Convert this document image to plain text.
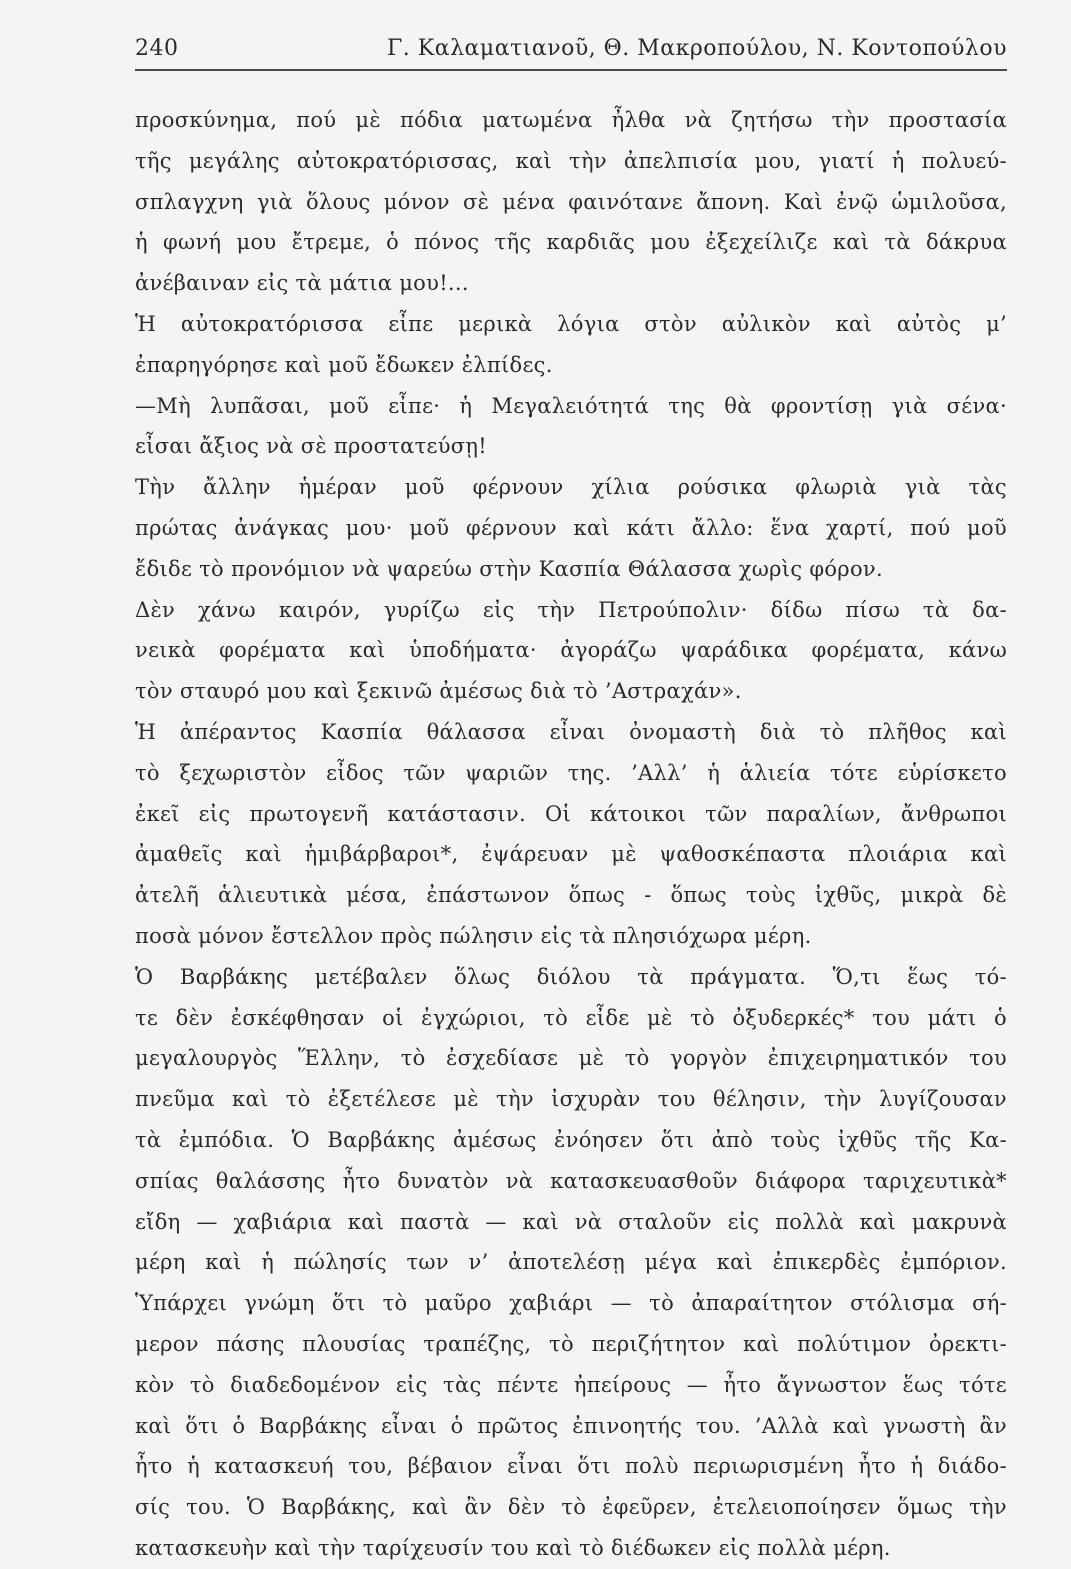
240	Γ. Καλαματιανοῦ, Θ. Μακροπούλου, Ν. Κοντοπούλου
προσκύνημα, πού μὲ πόδια ματωμένα ἦλθα νὰ ζητήσω τὴν προστασία
τῆς μεγάλης αὐτοκρατόρισσας, καὶ τὴν ἀπελπισία μου, γιατί ἡ πολυεύ-
σπλαγχνη γιὰ ὅλους μόνον σὲ μένα φαινότανε ἄπονη. Καὶ ἐνῷ ὡμιλοῦσα,
ἡ φωνή μου ἔτρεμε, ὁ πόνος τῆς καρδιᾶς μου ἐξεχείλιζε καὶ τὰ δάκρυα
ἀνέβαιναν εἰς τὰ μάτια μου!...
Ἡ αὐτοκρατόρισσα εἶπε μερικὰ λόγια στὸν αὐλικὸν καὶ αὐτὸς μ’
ἐπαρηγόρησε καὶ μοῦ ἔδωκεν ἐλπίδες.
—Μὴ λυπᾶσαι, μοῦ εἶπε· ἡ Μεγαλειότητά της θὰ φροντίσῃ γιὰ σένα·
εἶσαι ἄξιος νὰ σὲ προστατεύσῃ!
Τὴν ἄλλην ἡμέραν μοῦ φέρνουν χίλια ρούσικα φλωριὰ γιὰ τὰς
πρώτας ἀνάγκας μου· μοῦ φέρνουν καὶ κάτι ἄλλο: ἕνα χαρτί, πού μοῦ
ἔδιδε τὸ προνόμιον νὰ ψαρεύω στὴν Κασπία Θάλασσα χωρὶς φόρον.
Δὲν χάνω καιρόν, γυρίζω εἰς τὴν Πετρούπολιν· δίδω πίσω τὰ δα-
νεικὰ φορέματα καὶ ὑποδήματα· ἀγοράζω ψαράδικα φορέματα, κάνω
τὸν σταυρό μου καὶ ξεκινῶ ἀμέσως διὰ τὸ ’Αστραχάν».
Ἡ ἀπέραντος Κασπία θάλασσα εἶναι ὀνομαστὴ διὰ τὸ πλῆθος καὶ
τὸ ξεχωριστὸν εἶδος τῶν ψαριῶν της. ’Αλλ’ ἡ ἁλιεία τότε εὑρίσκετο
ἐκεῖ εἰς πρωτογενῆ κατάστασιν. Οἱ κάτοικοι τῶν παραλίων, ἄνθρωποι
ἀμαθεῖς καὶ ἡμιβάρβαροι*, ἐψάρευαν μὲ ψαθοσκέπαστα πλοιάρια καὶ
ἀτελῆ ἁλιευτικὰ μέσα, ἐπάστωνον ὅπως - ὅπως τοὺς ἰχθῦς, μικρὰ δὲ
ποσὰ μόνον ἔστελλον πρὸς πώλησιν εἰς τὰ πλησιόχωρα μέρη.
Ὁ Βαρβάκης μετέβαλεν ὅλως διόλου τὰ πράγματα. Ὅ,τι ἕως τό-
τε δὲν ἐσκέφθησαν οἱ ἐγχώριοι, τὸ εἶδε μὲ τὸ ὀξυδερκές* του μάτι ὁ
μεγαλουργὸς Ἕλλην, τὸ ἐσχεδίασε μὲ τὸ γοργὸν ἐπιχειρηματικόν του
πνεῦμα καὶ τὸ ἐξετέλεσε μὲ τὴν ἰσχυρὰν του θέλησιν, τὴν λυγίζουσαν
τὰ ἐμπόδια. Ὁ Βαρβάκης ἀμέσως ἐνόησεν ὅτι ἀπὸ τοὺς ἰχθῦς τῆς Κα-
σπίας θαλάσσης ἦτο δυνατὸν νὰ κατασκευασθοῦν διάφορα ταριχευτικὰ*
εἴδη — χαβιάρια καὶ παστὰ — καὶ νὰ σταλοῦν εἰς πολλὰ καὶ μακρυνὰ
μέρη καὶ ἡ πώλησίς των ν’ ἀποτελέσῃ μέγα καὶ ἐπικερδὲς ἐμπόριον.
Ὑπάρχει γνώμη ὅτι τὸ μαῦρο χαβιάρι — τὸ ἀπαραίτητον στόλισμα σή-
μερον πάσης πλουσίας τραπέζης, τὸ περιζήτητον καὶ πολύτιμον ὀρεκτι-
κὸν τὸ διαδεδομένον εἰς τὰς πέντε ἠπείρους — ἦτο ἄγνωστον ἕως τότε
καὶ ὅτι ὁ Βαρβάκης εἶναι ὁ πρῶτος ἐπινοητής του. ’Αλλὰ καὶ γνωστὴ ἂν
ἦτο ἡ κατασκευή του, βέβαιον εἶναι ὅτι πολὺ περιωρισμένη ἦτο ἡ διάδο-
σίς του. Ὁ Βαρβάκης, καὶ ἂν δὲν τὸ ἐφεῦρεν, ἐτελειοποίησεν ὅμως τὴν
κατασκευὴν καὶ τὴν ταρίχευσίν του καὶ τὸ διέδωκεν εἰς πολλὰ μέρη.
